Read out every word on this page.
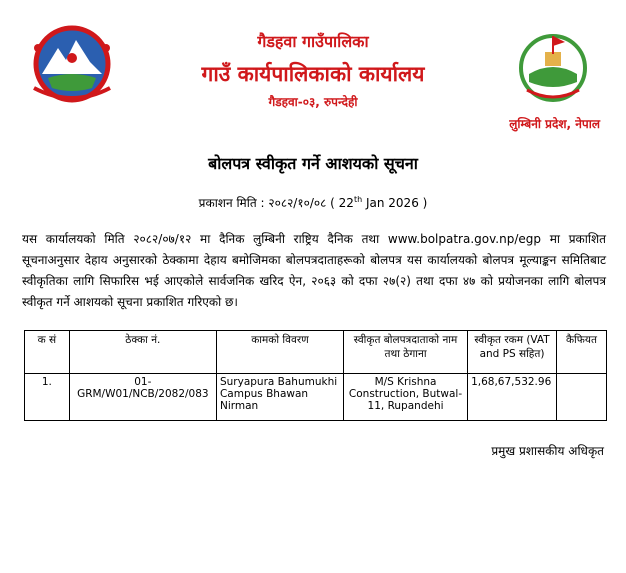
गैडहवा गाउँपालिका
गाउँ कार्यपालिकाको कार्यालय
गैडहवा-०३, रुपन्देही
लुम्बिनी प्रदेश, नेपाल
बोलपत्र स्वीकृत गर्ने आशयको सूचना
प्रकाशन मिति : २०८२/१०/०८ ( 22th Jan 2026 )
यस कार्यालयको मिति २०८२/०७/१२ मा दैनिक लुम्बिनी राष्ट्रिय दैनिक तथा www.bolpatra.gov.np/egp मा प्रकाशित सूचनाअनुसार देहाय अनुसारको ठेक्कामा देहाय बमोजिमका बोलपत्रदाताहरूको बोलपत्र यस कार्यालयको बोलपत्र मूल्याङ्कन समितिबाट स्वीकृतिका लागि सिफारिस भई आएकोले सार्वजनिक खरिद ऐन, २०६३ को दफा २७(२) तथा दफा ४७ को प्रयोजनका लागि बोलपत्र स्वीकृत गर्ने आशयको सूचना प्रकाशित गरिएको छ।
क सं	ठेक्का नं.	कामको विवरण	स्वीकृत बोलपत्रदाताको नाम तथा ठेगाना	स्वीकृत रकम (VAT and PS सहित)	कैफियत
1.	01-GRM/W01/NCB/2082/083	Suryapura Bahumukhi Campus Bhawan Nirman	M/S Krishna Construction, Butwal-11, Rupandehi	1,68,67,532.96	
प्रमुख प्रशासकीय अधिकृत
